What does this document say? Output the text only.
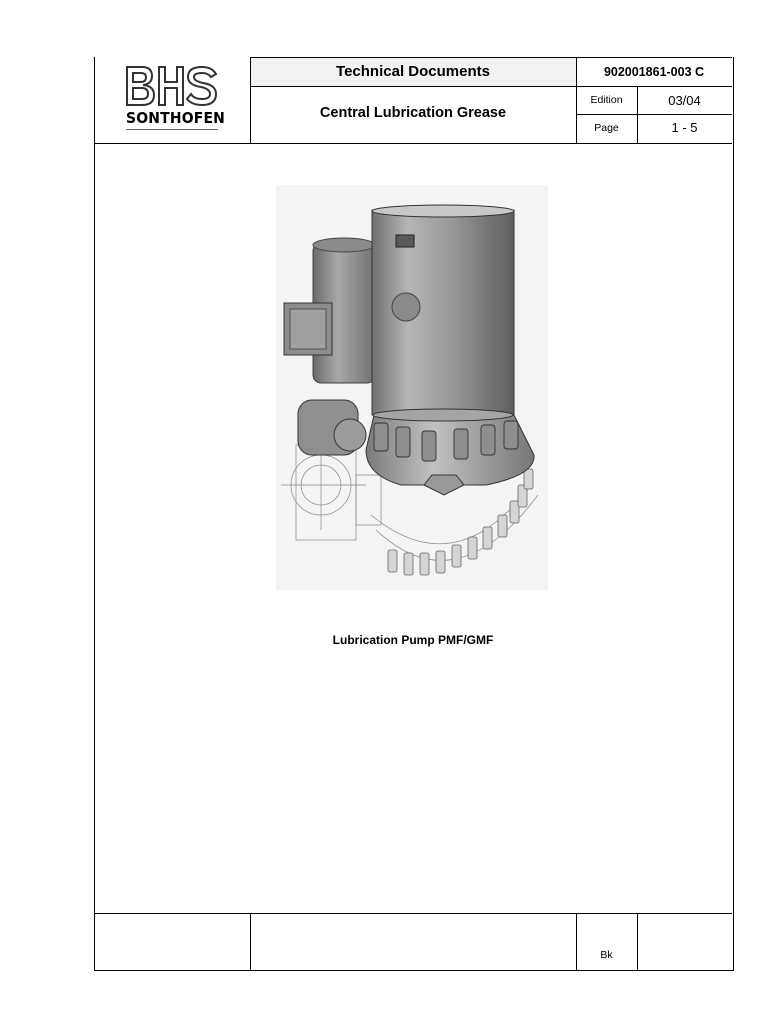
SONTHOFEN
.
Technical Documents	902001861-003 C
Central Lubrication Grease
Edition	03/04
Page	1 - 5
Lubrication Pump PMF/GMF
Bk
